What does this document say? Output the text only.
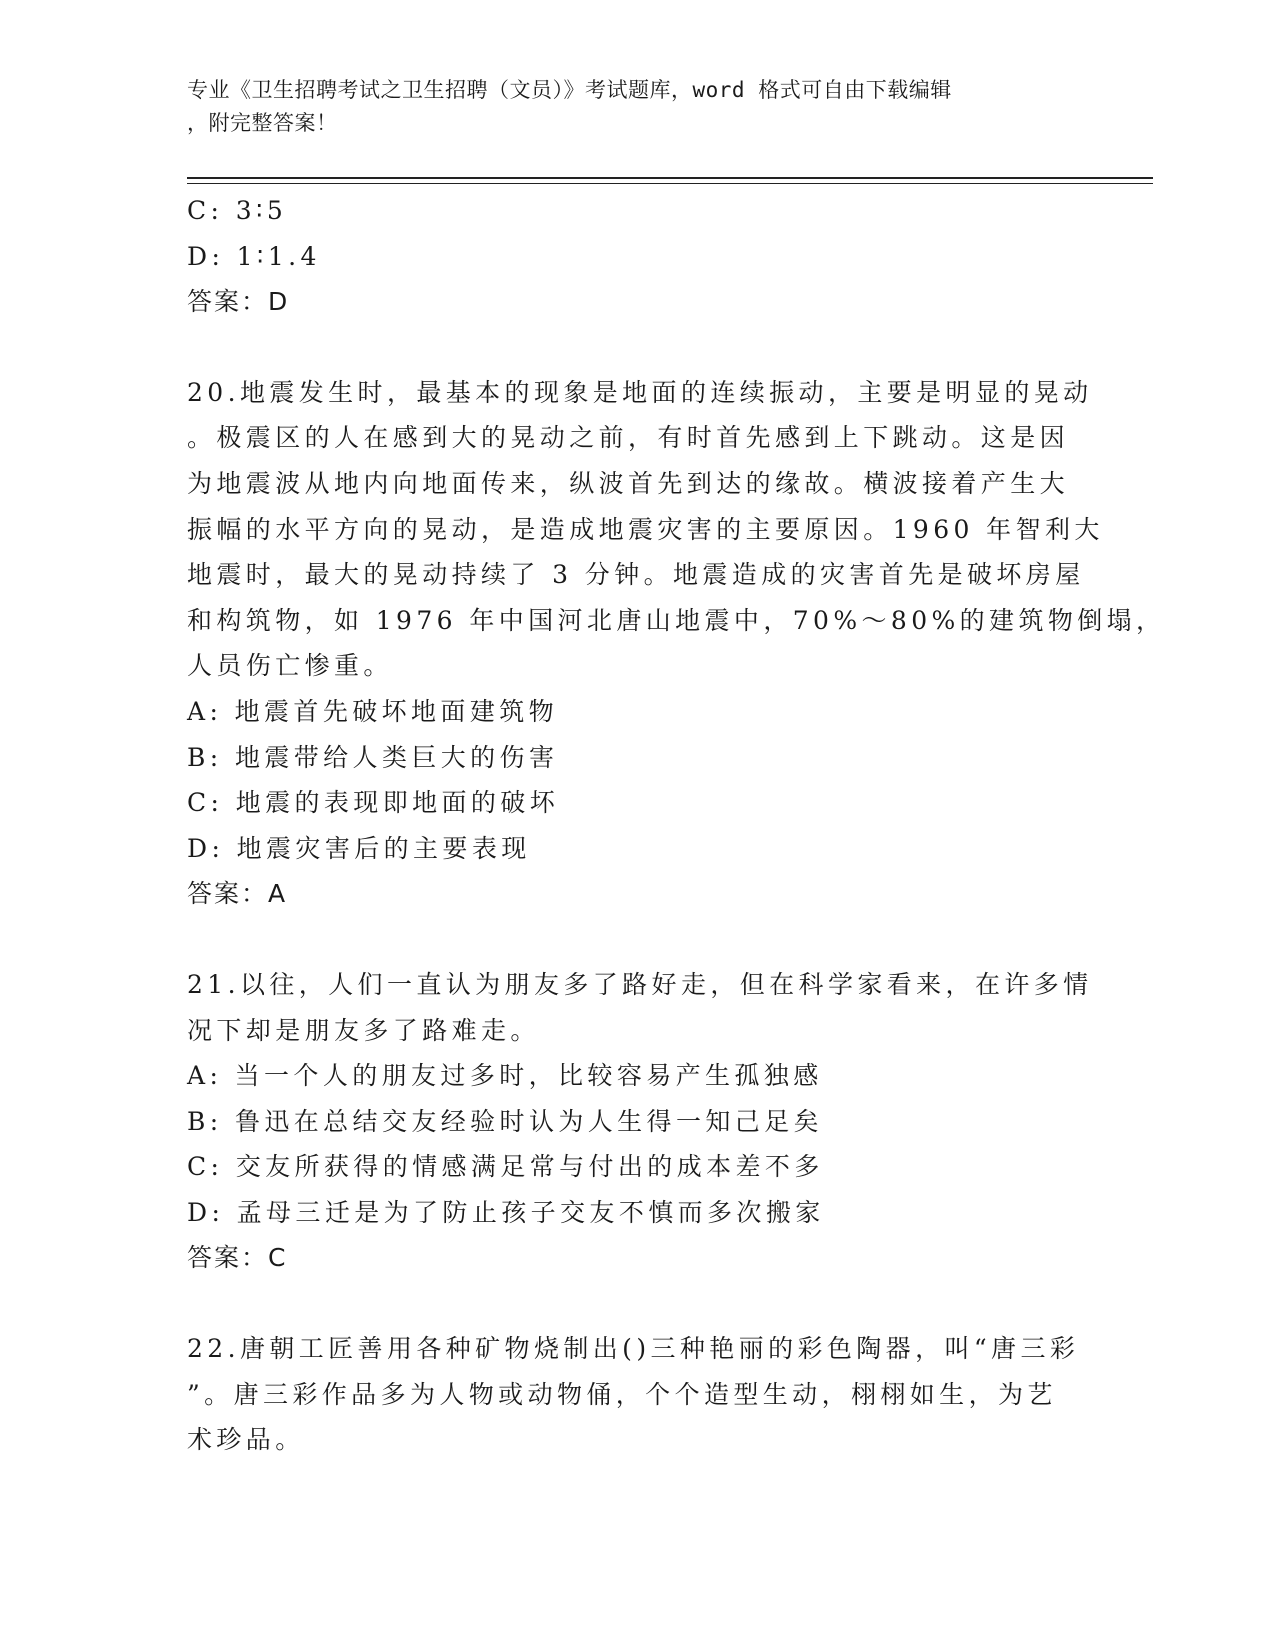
专业《卫生招聘考试之卫生招聘（文员）》考试题库，word 格式可自由下载编辑
，附完整答案！
C: 3∶5
D: 1∶1.4
答案：D
20.地震发生时，最基本的现象是地面的连续振动，主要是明显的晃动
。极震区的人在感到大的晃动之前，有时首先感到上下跳动。这是因
为地震波从地内向地面传来，纵波首先到达的缘故。横波接着产生大
振幅的水平方向的晃动，是造成地震灾害的主要原因。1960 年智利大
地震时，最大的晃动持续了 3 分钟。地震造成的灾害首先是破坏房屋
和构筑物，如 1976 年中国河北唐山地震中，70%～80%的建筑物倒塌，
人员伤亡惨重。
A: 地震首先破坏地面建筑物
B: 地震带给人类巨大的伤害
C: 地震的表现即地面的破坏
D: 地震灾害后的主要表现
答案：A
21.以往，人们一直认为朋友多了路好走，但在科学家看来，在许多情
况下却是朋友多了路难走。
A: 当一个人的朋友过多时，比较容易产生孤独感
B: 鲁迅在总结交友经验时认为人生得一知己足矣
C: 交友所获得的情感满足常与付出的成本差不多
D: 孟母三迁是为了防止孩子交友不慎而多次搬家
答案：C
22.唐朝工匠善用各种矿物烧制出()三种艳丽的彩色陶器，叫“唐三彩
”。唐三彩作品多为人物或动物俑，个个造型生动，栩栩如生，为艺
术珍品。
